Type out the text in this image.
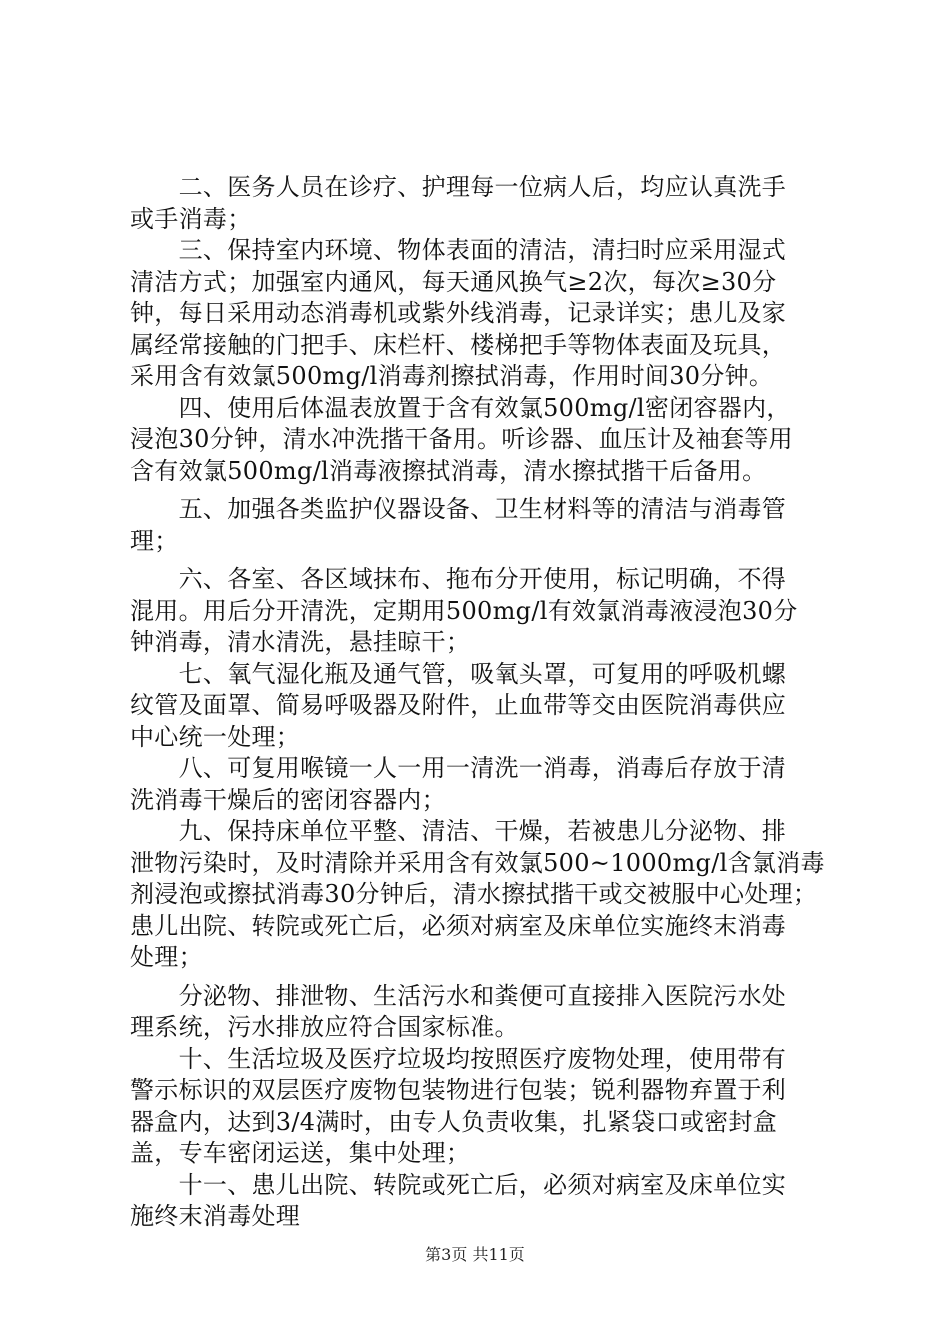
　　二、医务人员在诊疗、护理每一位病人后，均应认真洗手
或手消毒；

　　三、保持室内环境、物体表面的清洁，清扫时应采用湿式
清洁方式；加强室内通风，每天通风换气≥2次，每次≥30分
钟，每日采用动态消毒机或紫外线消毒，记录详实；患儿及家
属经常接触的门把手、床栏杆、楼梯把手等物体表面及玩具，
采用含有效氯500mg/l消毒剂擦拭消毒，作用时间30分钟。

　　四、使用后体温表放置于含有效氯500mg/l密闭容器内，
浸泡30分钟，清水冲洗揩干备用。听诊器、血压计及袖套等用
含有效氯500mg/l消毒液擦拭消毒，清水擦拭揩干后备用。

　　五、加强各类监护仪器设备、卫生材料等的清洁与消毒管
理；

　　六、各室、各区域抹布、拖布分开使用，标记明确，不得
混用。用后分开清洗，定期用500mg/l有效氯消毒液浸泡30分
钟消毒，清水清洗，悬挂晾干；

　　七、氧气湿化瓶及通气管，吸氧头罩，可复用的呼吸机螺
纹管及面罩、简易呼吸器及附件，止血带等交由医院消毒供应
中心统一处理；

　　八、可复用喉镜一人一用一清洗一消毒，消毒后存放于清
洗消毒干燥后的密闭容器内；

　　九、保持床单位平整、清洁、干燥，若被患儿分泌物、排
泄物污染时，及时清除并采用含有效氯500~1000mg/l含氯消毒
剂浸泡或擦拭消毒30分钟后，清水擦拭揩干或交被服中心处理；
患儿出院、转院或死亡后，必须对病室及床单位实施终末消毒
处理；

　　分泌物、排泄物、生活污水和粪便可直接排入医院污水处
理系统，污水排放应符合国家标准。

　　十、生活垃圾及医疗垃圾均按照医疗废物处理，使用带有
警示标识的双层医疗废物包装物进行包装；锐利器物弃置于利
器盒内，达到3/4满时，由专人负责收集，扎紧袋口或密封盒
盖，专车密闭运送，集中处理；

　　十一、患儿出院、转院或死亡后，必须对病室及床单位实
施终末消毒处理

第3页 共11页
